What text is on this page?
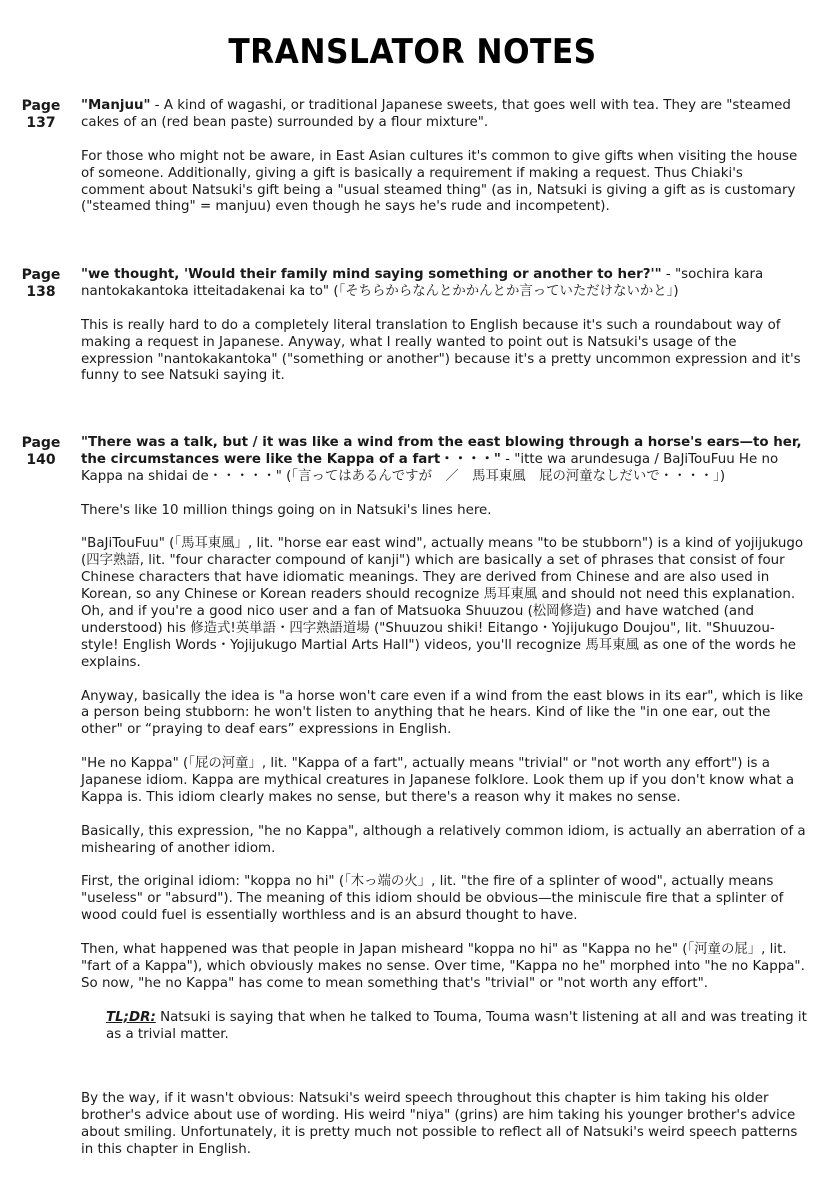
TRANSLATOR NOTES
Page
137

"Manjuu" - A kind of wagashi, or traditional Japanese sweets, that goes well with tea. They are "steamed cakes of an (red bean paste) surrounded by a flour mixture".

For those who might not be aware, in East Asian cultures it's common to give gifts when visiting the house of someone. Additionally, giving a gift is basically a requirement if making a request. Thus Chiaki's comment about Natsuki's gift being a "usual steamed thing" (as in, Natsuki is giving a gift as is customary ("steamed thing" = manjuu) even though he says he's rude and incompetent).

Page
138

"we thought, 'Would their family mind saying something or another to her?'" - "sochira kara nantokakantoka itteitadakenai ka to" (「そちらからなんとかかんとか言っていただけないかと」)

This is really hard to do a completely literal translation to English because it's such a roundabout way of making a request in Japanese. Anyway, what I really wanted to point out is Natsuki's usage of the expression "nantokakantoka" ("something or another") because it's a pretty uncommon expression and it's funny to see Natsuki saying it.

Page
140

"There was a talk, but / it was like a wind from the east blowing through a horse's ears—to her, the circumstances were like the Kappa of a fart・・・・" - "itte wa arundesuga / BaJiTouFuu He no Kappa na shidai de・・・・・" (「言ってはあるんですが　／　馬耳東風　屁の河童なしだいで・・・・」)

There's like 10 million things going on in Natsuki's lines here.

"BaJiTouFuu" (「馬耳東風」, lit. "horse ear east wind", actually means "to be stubborn") is a kind of yojijukugo (四字熟語, lit. "four character compound of kanji") which are basically a set of phrases that consist of four Chinese characters that have idiomatic meanings. They are derived from Chinese and are also used in Korean, so any Chinese or Korean readers should recognize 馬耳東風 and should not need this explanation. Oh, and if you're a good nico user and a fan of Matsuoka Shuuzou (松岡修造) and have watched (and understood) his 修造式!英単語・四字熟語道場 ("Shuuzou shiki! Eitango・Yojijukugo Doujou", lit. "Shuuzou-style! English Words・Yojijukugo Martial Arts Hall") videos, you'll recognize 馬耳東風 as one of the words he explains.

Anyway, basically the idea is "a horse won't care even if a wind from the east blows in its ear", which is like a person being stubborn: he won't listen to anything that he hears. Kind of like the "in one ear, out the other" or “praying to deaf ears” expressions in English.

"He no Kappa" (「屁の河童」, lit. "Kappa of a fart", actually means "trivial" or "not worth any effort") is a Japanese idiom. Kappa are mythical creatures in Japanese folklore. Look them up if you don't know what a Kappa is. This idiom clearly makes no sense, but there's a reason why it makes no sense.

Basically, this expression, "he no Kappa", although a relatively common idiom, is actually an aberration of a mishearing of another idiom.

First, the original idiom: "koppa no hi" (「木っ端の火」, lit. "the fire of a splinter of wood", actually means "useless" or "absurd"). The meaning of this idiom should be obvious—the miniscule fire that a splinter of wood could fuel is essentially worthless and is an absurd thought to have.

Then, what happened was that people in Japan misheard "koppa no hi" as "Kappa no he" (「河童の屁」, lit. "fart of a Kappa"), which obviously makes no sense. Over time, "Kappa no he" morphed into "he no Kappa". So now, "he no Kappa" has come to mean something that's "trivial" or "not worth any effort".

TL;DR: Natsuki is saying that when he talked to Touma, Touma wasn't listening at all and was treating it as a trivial matter.

By the way, if it wasn't obvious: Natsuki's weird speech throughout this chapter is him taking his older brother's advice about use of wording. His weird "niya" (grins) are him taking his younger brother's advice about smiling. Unfortunately, it is pretty much not possible to reflect all of Natsuki's weird speech patterns in this chapter in English.
